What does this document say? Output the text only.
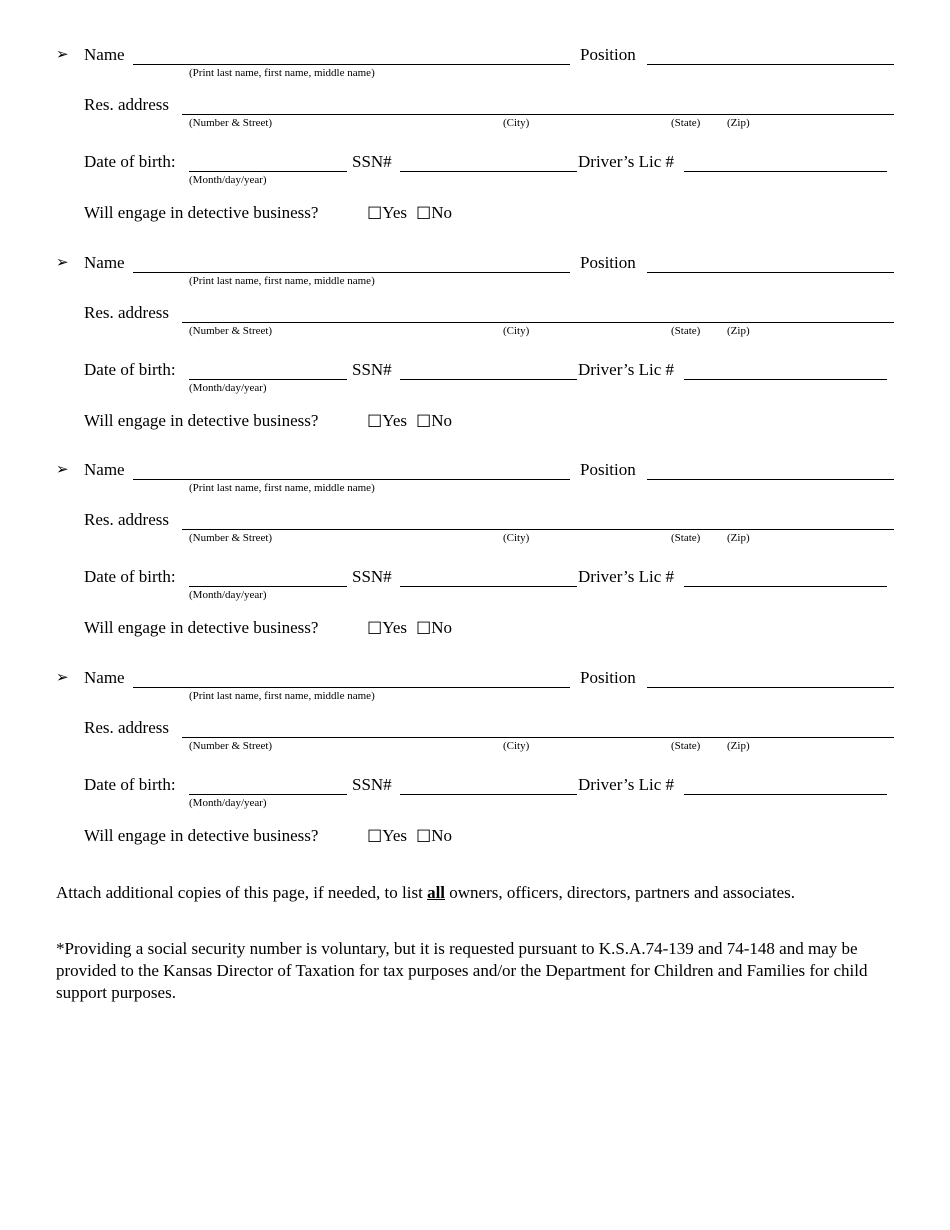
➢ Name	Position
(Print last name, first name, middle name)
Res. address
(Number & Street)	(City)	(State) (Zip)
Date of birth:	SSN#	Driver’s Lic #
(Month/day/year)
Will engage in detective business?	☐Yes ☐No
➢ Name	Position
(Print last name, first name, middle name)
Res. address
(Number & Street)	(City)	(State) (Zip)
Date of birth:	SSN#	Driver’s Lic #
(Month/day/year)
Will engage in detective business?	☐Yes ☐No
➢ Name	Position
(Print last name, first name, middle name)
Res. address
(Number & Street)	(City)	(State) (Zip)
Date of birth:	SSN#	Driver’s Lic #
(Month/day/year)
Will engage in detective business?	☐Yes ☐No
➢ Name	Position
(Print last name, first name, middle name)
Res. address
(Number & Street)	(City)	(State) (Zip)
Date of birth:	SSN#	Driver’s Lic #
(Month/day/year)
Will engage in detective business?	☐Yes ☐No
Attach additional copies of this page, if needed, to list all owners, officers, directors, partners and associates.
*Providing a social security number is voluntary, but it is requested pursuant to K.S.A.74-139 and 74-148 and may be provided to the Kansas Director of Taxation for tax purposes and/or the Department for Children and Families for child support purposes.
